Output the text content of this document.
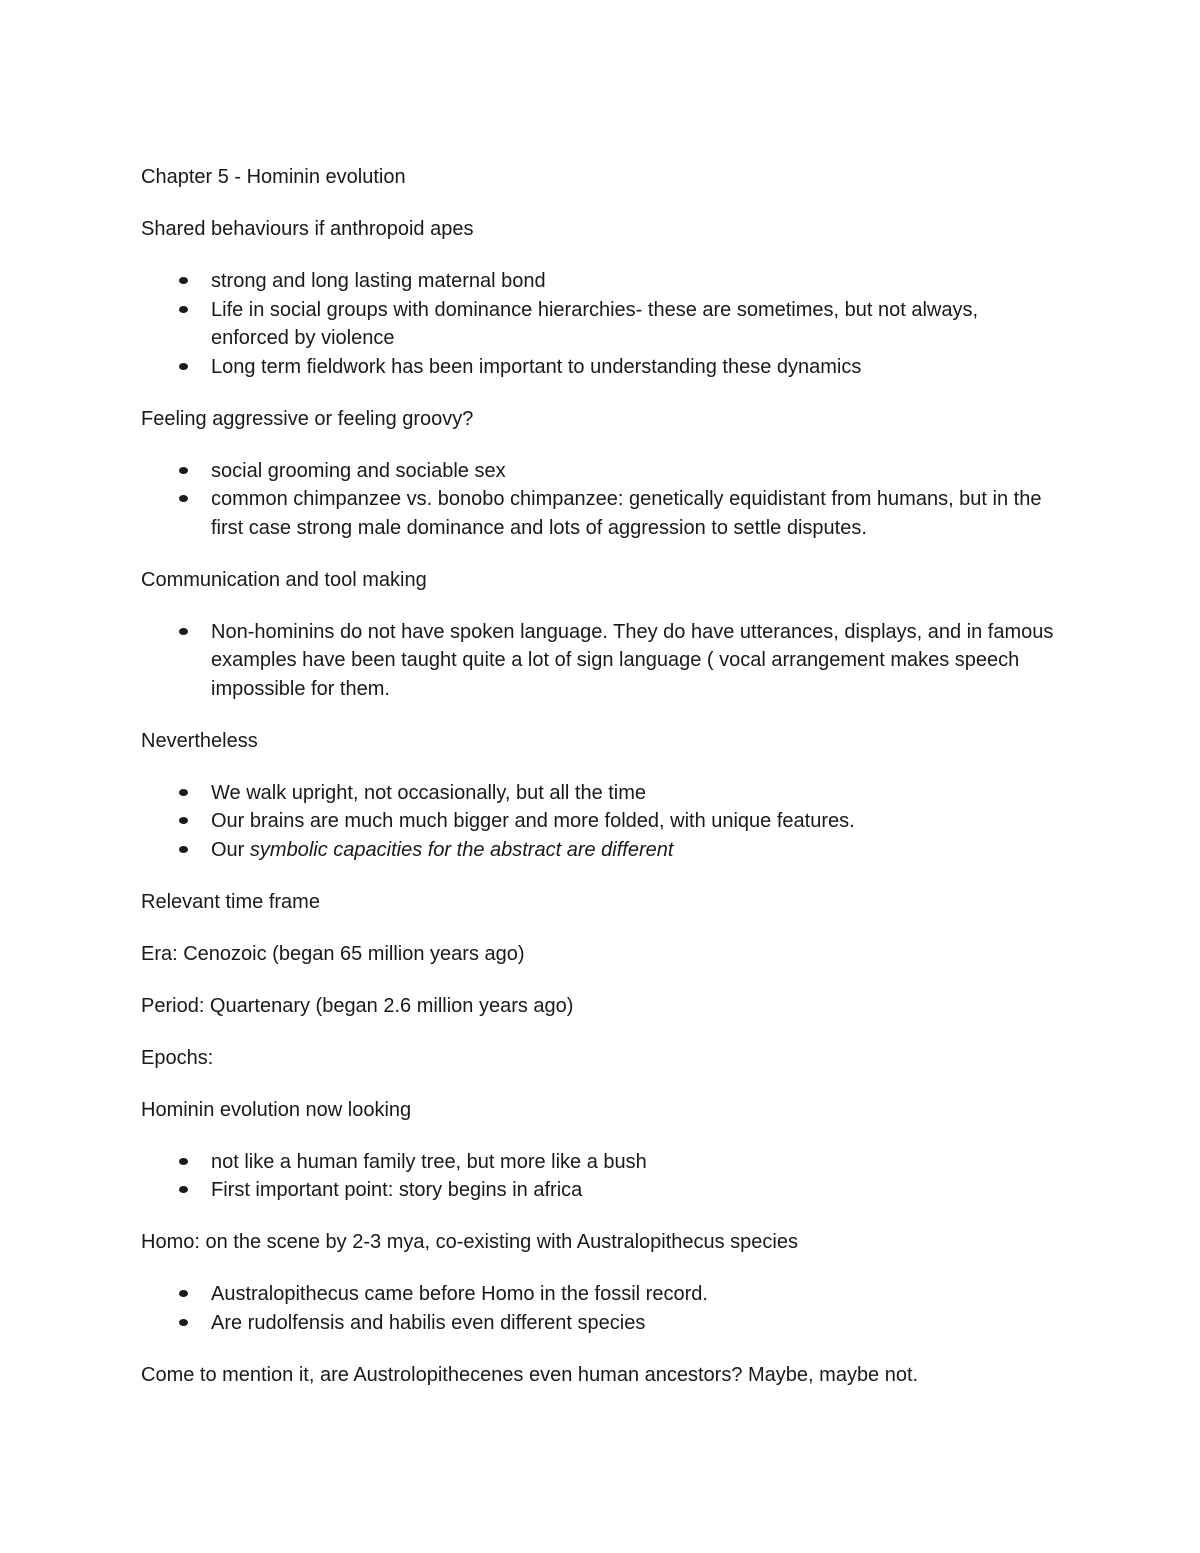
Chapter 5 - Hominin evolution

Shared behaviours if anthropoid apes

strong and long lasting maternal bond
Life in social groups with dominance hierarchies- these are sometimes, but not always, enforced by violence
Long term fieldwork has been important to understanding these dynamics

Feeling aggressive or feeling groovy?

social grooming and sociable sex
common chimpanzee vs. bonobo chimpanzee: genetically equidistant from humans, but in the first case strong male dominance and lots of aggression to settle disputes.

Communication and tool making

Non-hominins do not have spoken language. They do have utterances, displays, and in famous examples have been taught quite a lot of sign language ( vocal arrangement makes speech impossible for them.

Nevertheless

We walk upright, not occasionally, but all the time
Our brains are much much bigger and more folded, with unique features.
Our symbolic capacities for the abstract are different

Relevant time frame

Era: Cenozoic (began 65 million years ago)

Period: Quartenary (began 2.6 million years ago)

Epochs:

Hominin evolution now looking

not like a human family tree, but more like a bush
First important point: story begins in africa

Homo: on the scene by 2-3 mya, co-existing with Australopithecus species

Australopithecus came before Homo in the fossil record.
Are rudolfensis and habilis even different species

Come to mention it, are Austrolopithecenes even human ancestors? Maybe, maybe not.
